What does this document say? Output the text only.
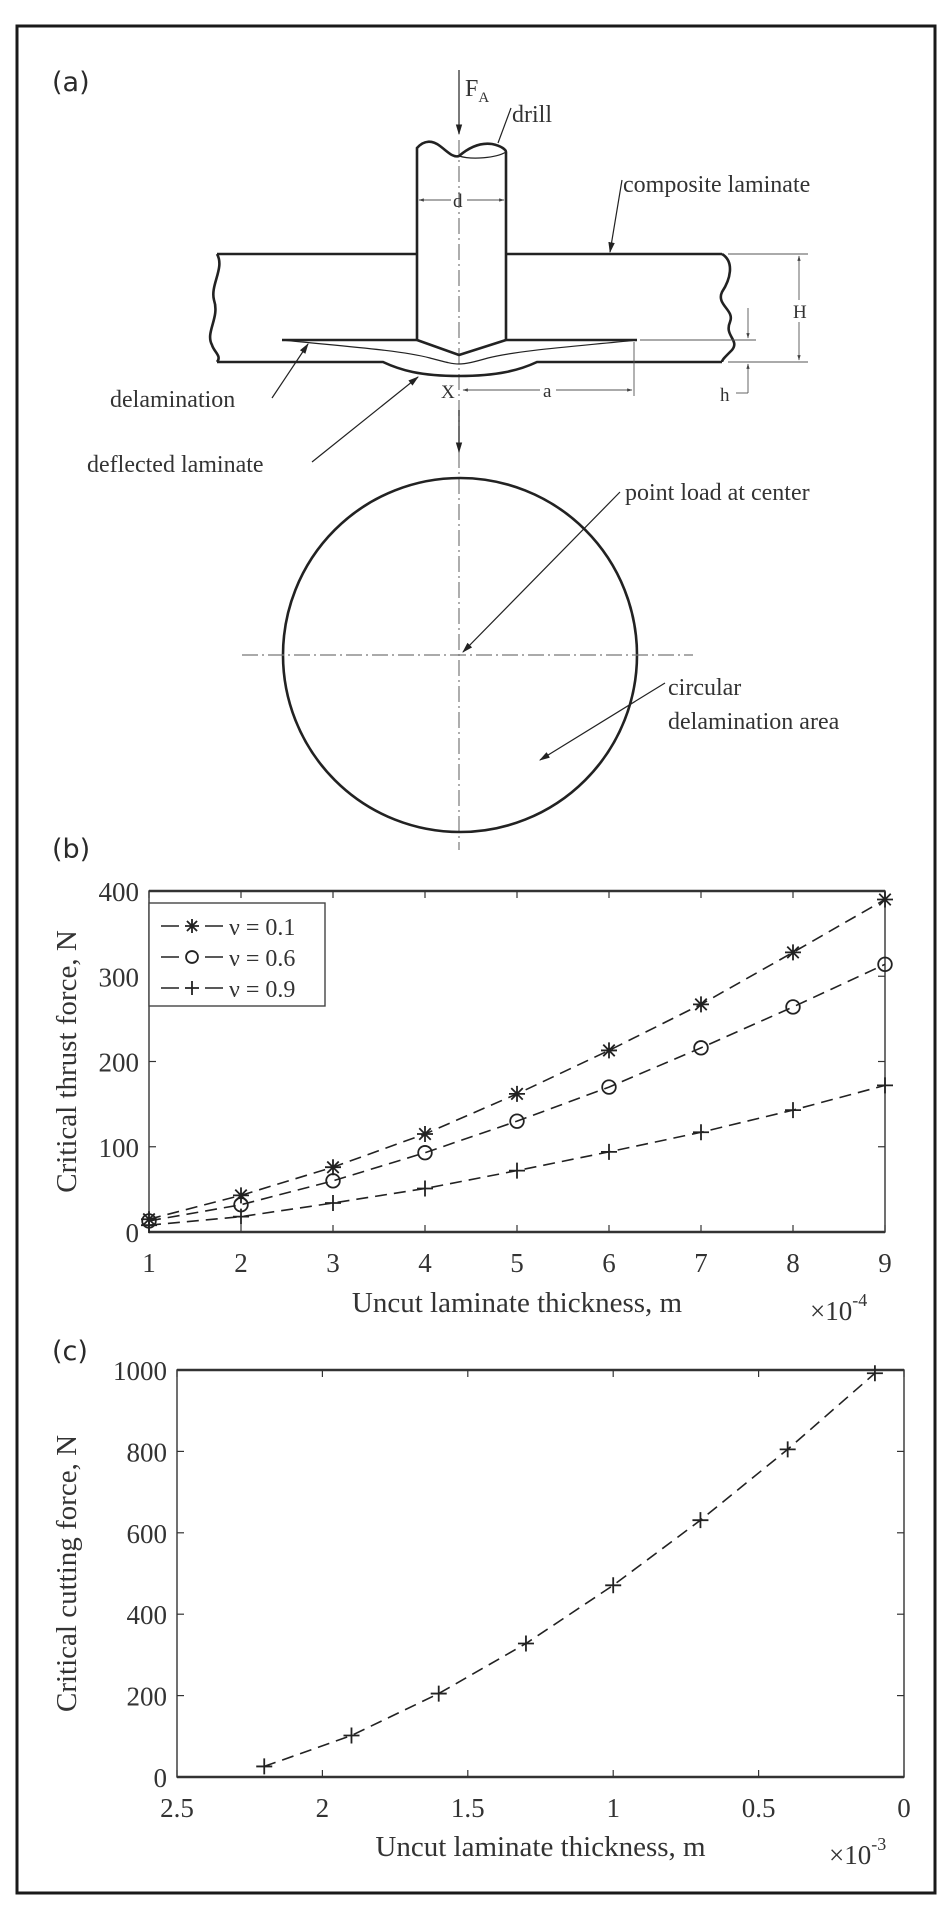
(a)	$F_A$
drill
d
composite laminate
H
h
a
X
delamination
deflected laminate
point load at center
circular
delamination area
(b)
1	2	3	4	5	6	7	8	9
0
100
200
300
400
Uncut laminate thickness, m
Critical thrust force, N
$\times 10^{-4}$
ν = 0.1
ν = 0.6
ν = 0.9
(c)
2.5	2	1.5	1	0.5	0
0
200
400
600
800
1000
Uncut laminate thickness, m
Critical cutting force, N
$\times 10^{-3}$
